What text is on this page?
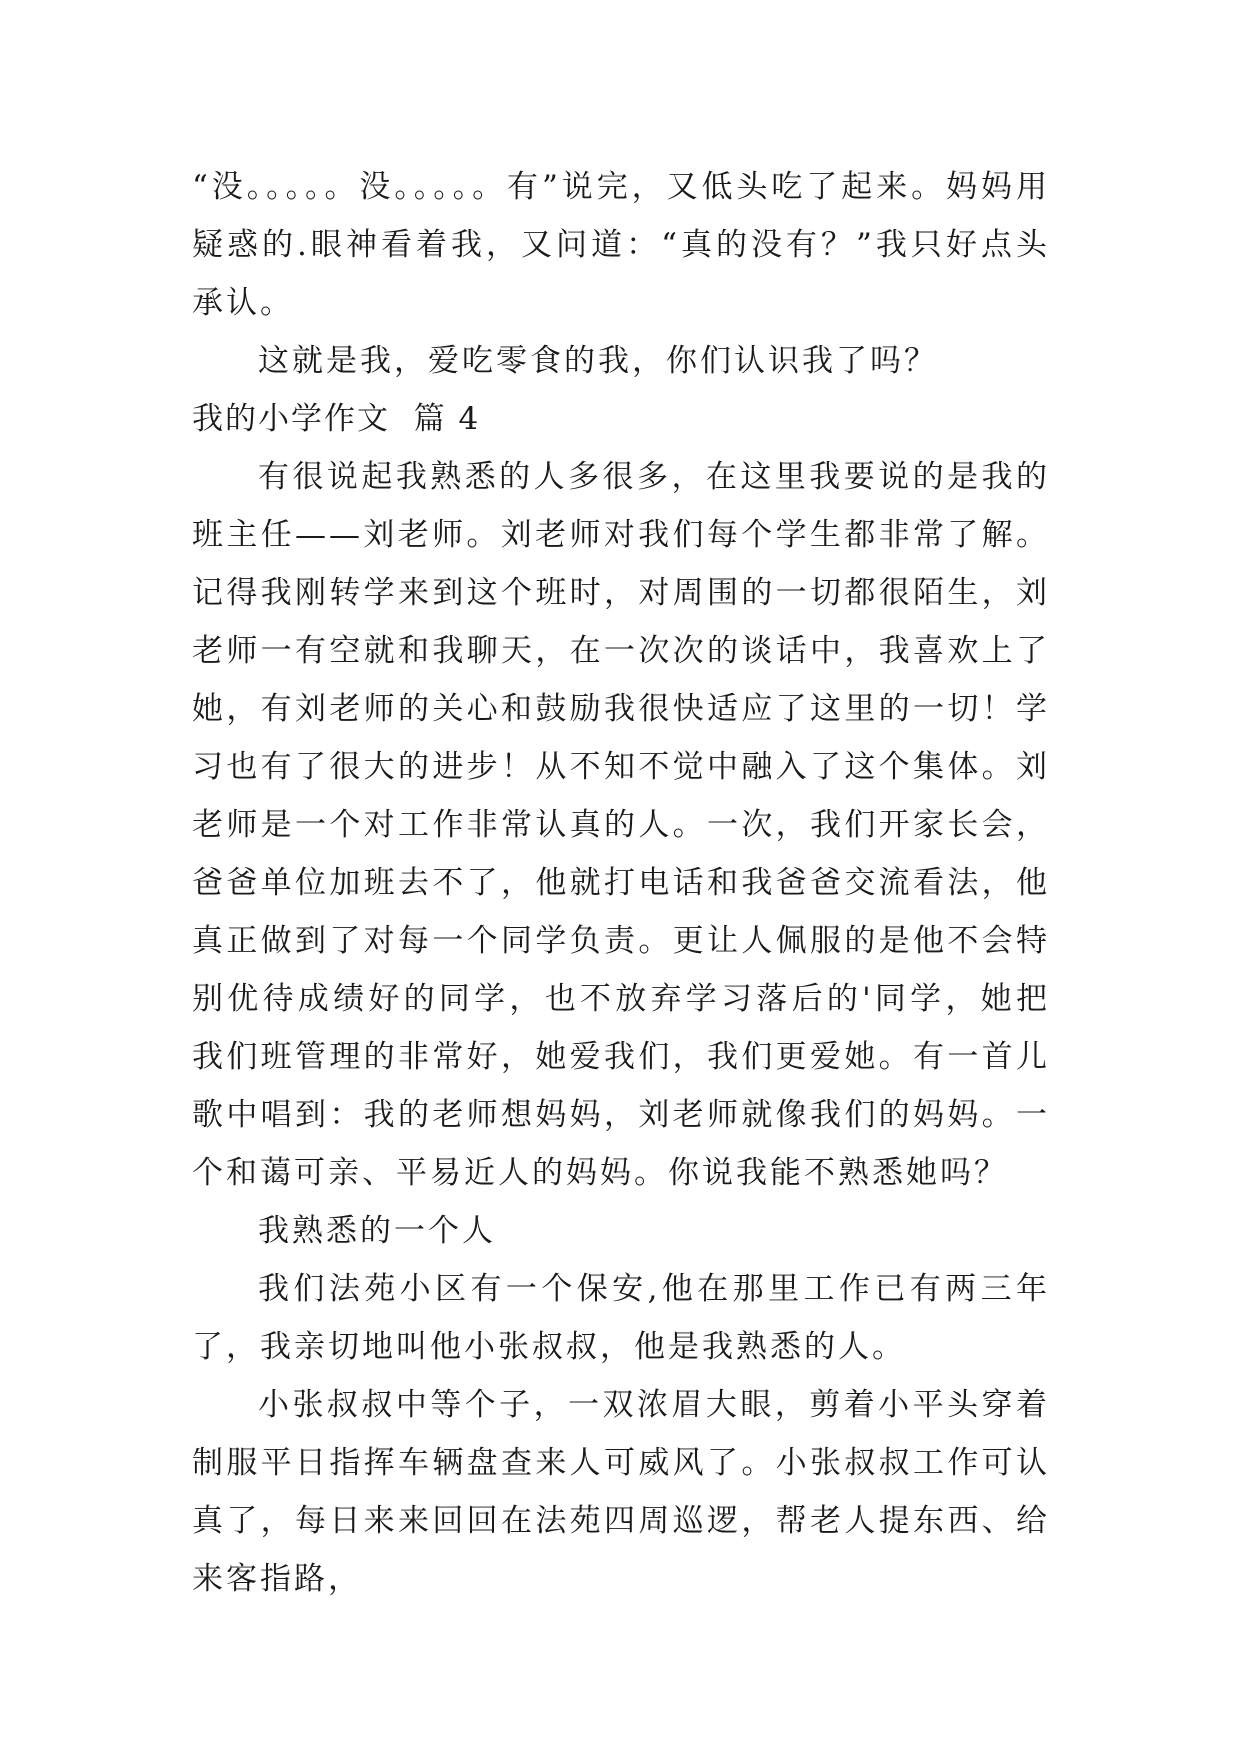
“没。。。。。没。。。。。有”说完，又低头吃了起来。妈妈用疑惑的.眼神看着我，又问道：“真的没有？”我只好点头承认。

这就是我，爱吃零食的我，你们认识我了吗？

我的小学作文  篇 4

有很说起我熟悉的人多很多，在这里我要说的是我的班主任——刘老师。刘老师对我们每个学生都非常了解。记得我刚转学来到这个班时，对周围的一切都很陌生，刘老师一有空就和我聊天，在一次次的谈话中，我喜欢上了她，有刘老师的关心和鼓励我很快适应了这里的一切！学习也有了很大的进步！从不知不觉中融入了这个集体。刘老师是一个对工作非常认真的人。一次，我们开家长会，爸爸单位加班去不了，他就打电话和我爸爸交流看法，他真正做到了对每一个同学负责。更让人佩服的是他不会特别优待成绩好的同学，也不放弃学习落后的'同学，她把我们班管理的非常好，她爱我们，我们更爱她。有一首儿歌中唱到：我的老师想妈妈，刘老师就像我们的妈妈。一个和蔼可亲、平易近人的妈妈。你说我能不熟悉她吗？

我熟悉的一个人

我们法苑小区有一个保安,他在那里工作已有两三年了，我亲切地叫他小张叔叔，他是我熟悉的人。

小张叔叔中等个子，一双浓眉大眼，剪着小平头穿着制服平日指挥车辆盘查来人可威风了。小张叔叔工作可认真了，每日来来回回在法苑四周巡逻，帮老人提东西、给来客指路，
